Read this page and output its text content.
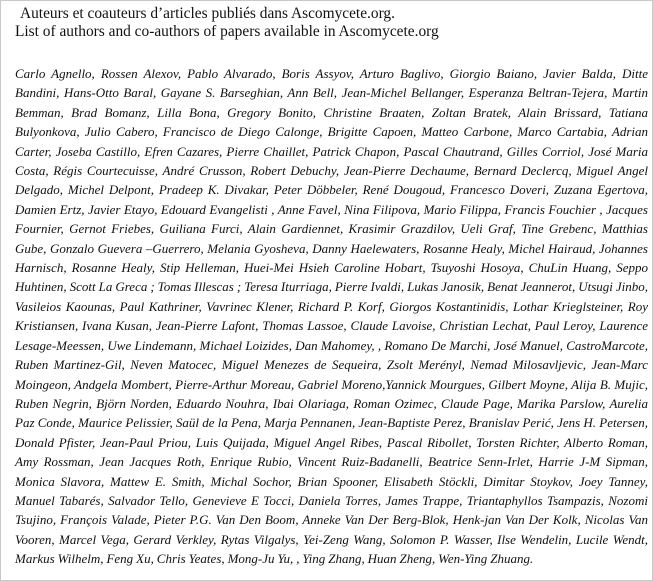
Auteurs et coauteurs d’articles publiés dans Ascomycete.org.
List of authors and co-authors of papers available in Ascomycete.org
Carlo Agnello, Rossen Alexov, Pablo Alvarado, Boris Assyov, Arturo Baglivo, Giorgio Baiano, Javier Balda, Ditte Bandini, Hans-Otto Baral, Gayane S. Barseghian, Ann Bell, Jean-Michel Bellanger, Esperanza Beltran-Tejera, Martin Bemman, Brad Bomanz, Lilla Bona, Gregory Bonito, Christine Braaten, Zoltan Bratek, Alain Brissard, Tatiana Bulyonkova, Julio Cabero, Francisco de Diego Calonge, Brigitte Capoen, Matteo Carbone, Marco Cartabia, Adrian Carter, Joseba Castillo, Efren Cazares, Pierre Chaillet, Patrick Chapon, Pascal Chautrand, Gilles Corriol, José Maria Costa, Régis Courtecuisse, André Crusson, Robert Debuchy, Jean-Pierre Dechaume, Bernard Declercq, Miguel Angel Delgado, Michel Delpont, Pradeep K. Divakar, Peter Döbbeler, René Dougoud, Francesco Doveri, Zuzana Egertova, Damien Ertz, Javier Etayo, Edouard Evangelisti , Anne Favel, Nina Filipova, Mario Filippa, Francis Fouchier , Jacques Fournier, Gernot Friebes, Guiliana Furci, Alain Gardiennet, Krasimir Grazdilov, Ueli Graf, Tine Grebenc, Matthias Gube, Gonzalo Guevera –Guerrero, Melania Gyosheva, Danny Haelewaters, Rosanne Healy, Michel Hairaud, Johannes Harnisch, Rosanne Healy, Stip Helleman, Huei-Mei Hsieh Caroline Hobart, Tsuyoshi Hosoya, ChuLin Huang, Seppo Huhtinen, Scott La Greca ; Tomas Illescas ; Teresa Iturriaga, Pierre Ivaldi, Lukas Janosik, Benat Jeannerot, Utsugi Jinbo, Vasileios Kaounas, Paul Kathriner, Vavrinec Klener, Richard P. Korf, Giorgos Kostantinidis, Lothar Krieglsteiner, Roy Kristiansen, Ivana Kusan, Jean-Pierre Lafont, Thomas Lassoe, Claude Lavoise, Christian Lechat, Paul Leroy, Laurence Lesage-Meessen, Uwe Lindemann, Michael Loizides, Dan Mahomey, , Romano De Marchi, José Manuel, CastroMarcote, Ruben Martinez-Gil, Neven Matocec, Miguel Menezes de Sequeira, Zsolt Merényl, Nemad Milosavljevic, Jean-Marc Moingeon, Andgela Mombert, Pierre-Arthur Moreau, Gabriel Moreno,Yannick Mourgues, Gilbert Moyne, Alija B. Mujic, Ruben Negrin, Björn Norden, Eduardo Nouhra, Ibai Olariaga, Roman Ozimec, Claude Page, Marika Parslow, Aurelia Paz Conde, Maurice Pelissier, Saül de la Pena, Marja Pennanen, Jean-Baptiste Perez, Branislav Perić, Jens H. Petersen, Donald Pfister, Jean-Paul Priou, Luis Quijada, Miguel Angel Ribes, Pascal Ribollet, Torsten Richter, Alberto Roman, Amy Rossman, Jean Jacques Roth, Enrique Rubio, Vincent Ruiz-Badanelli, Beatrice Senn-Irlet, Harrie J-M Sipman, Monica Slavora, Mattew E. Smith, Michal Sochor, Brian Spooner, Elisabeth Stöckli, Dimitar Stoykov, Joey Tanney, Manuel Tabarés, Salvador Tello, Genevieve E Tocci, Daniela Torres, James Trappe, Triantaphyllos Tsampazis, Nozomi Tsujino, François Valade, Pieter P.G. Van Den Boom, Anneke Van Der Berg-Blok, Henk-jan Van Der Kolk, Nicolas Van Vooren, Marcel Vega, Gerard Verkley, Rytas Vilgalys, Yei-Zeng Wang, Solomon P. Wasser, Ilse Wendelin, Lucile Wendt, Markus Wilhelm, Feng Xu, Chris Yeates, Mong-Ju Yu, , Ying Zhang, Huan Zheng, Wen-Ying Zhuang.
